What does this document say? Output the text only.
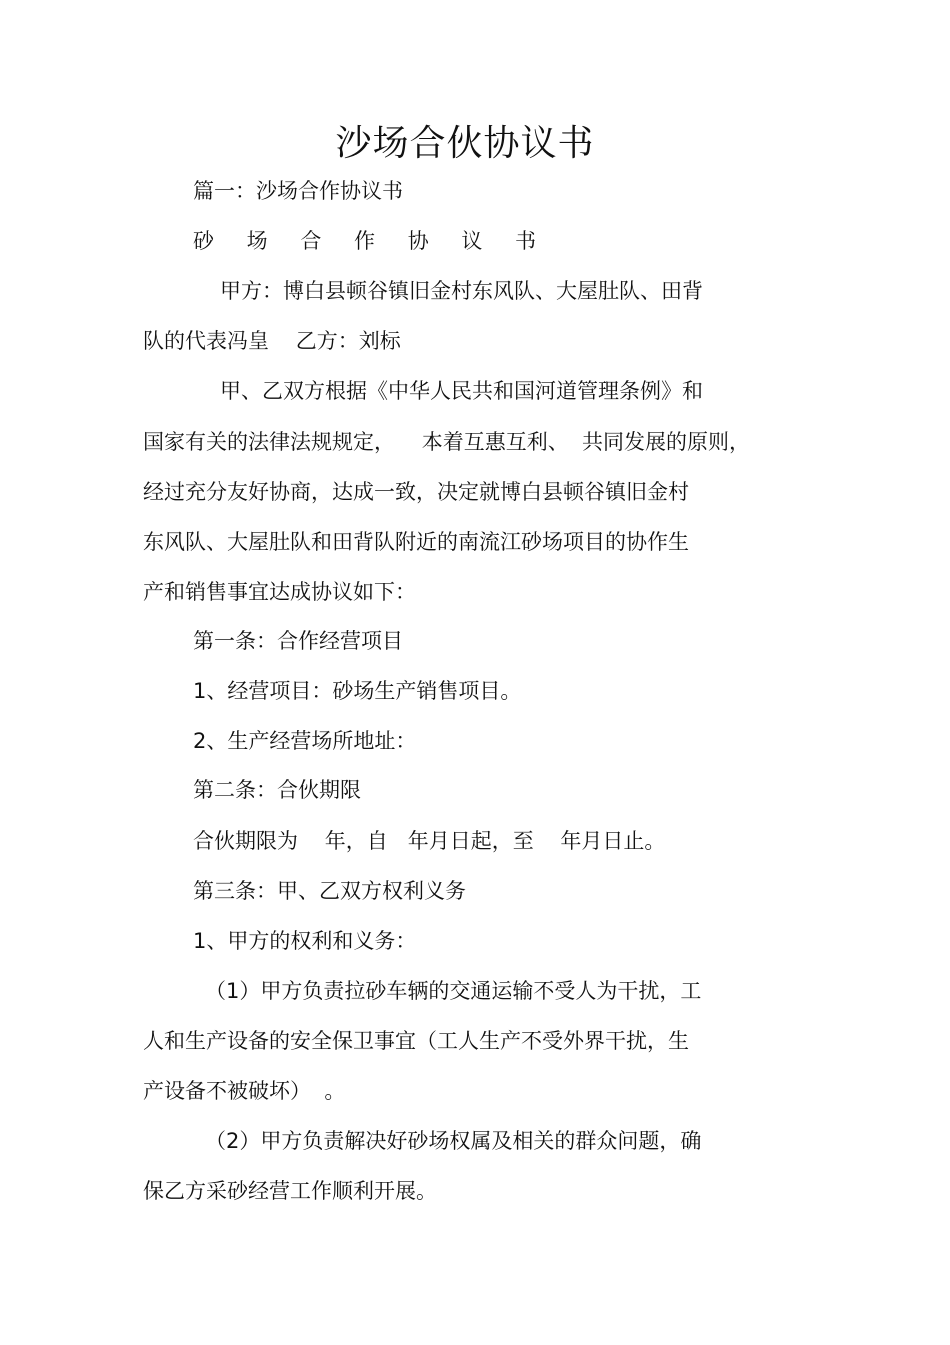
沙场合伙协议书

篇一：沙场合作协议书

砂 场 合 作 协 议 书

甲方：博白县顿谷镇旧金村东风队、大屋肚队、田背

队的代表冯皇    乙方：刘标

甲、乙双方根据《中华人民共和国河道管理条例》和

国家有关的法律法规规定，    本着互惠互利、  共同发展的原则，

经过充分友好协商，达成一致，决定就博白县顿谷镇旧金村

东风队、大屋肚队和田背队附近的南流江砂场项目的协作生

产和销售事宜达成协议如下：

第一条：合作经营项目

1、经营项目：砂场生产销售项目。

2、生产经营场所地址：

第二条：合伙期限

合伙期限为    年，自   年月日起，至    年月日止。

第三条：甲、乙双方权利义务

1、甲方的权利和义务：

（1）甲方负责拉砂车辆的交通运输不受人为干扰，工

人和生产设备的安全保卫事宜（工人生产不受外界干扰，生

产设备不被破坏）  。

（2）甲方负责解决好砂场权属及相关的群众问题，确

保乙方采砂经营工作顺利开展。
